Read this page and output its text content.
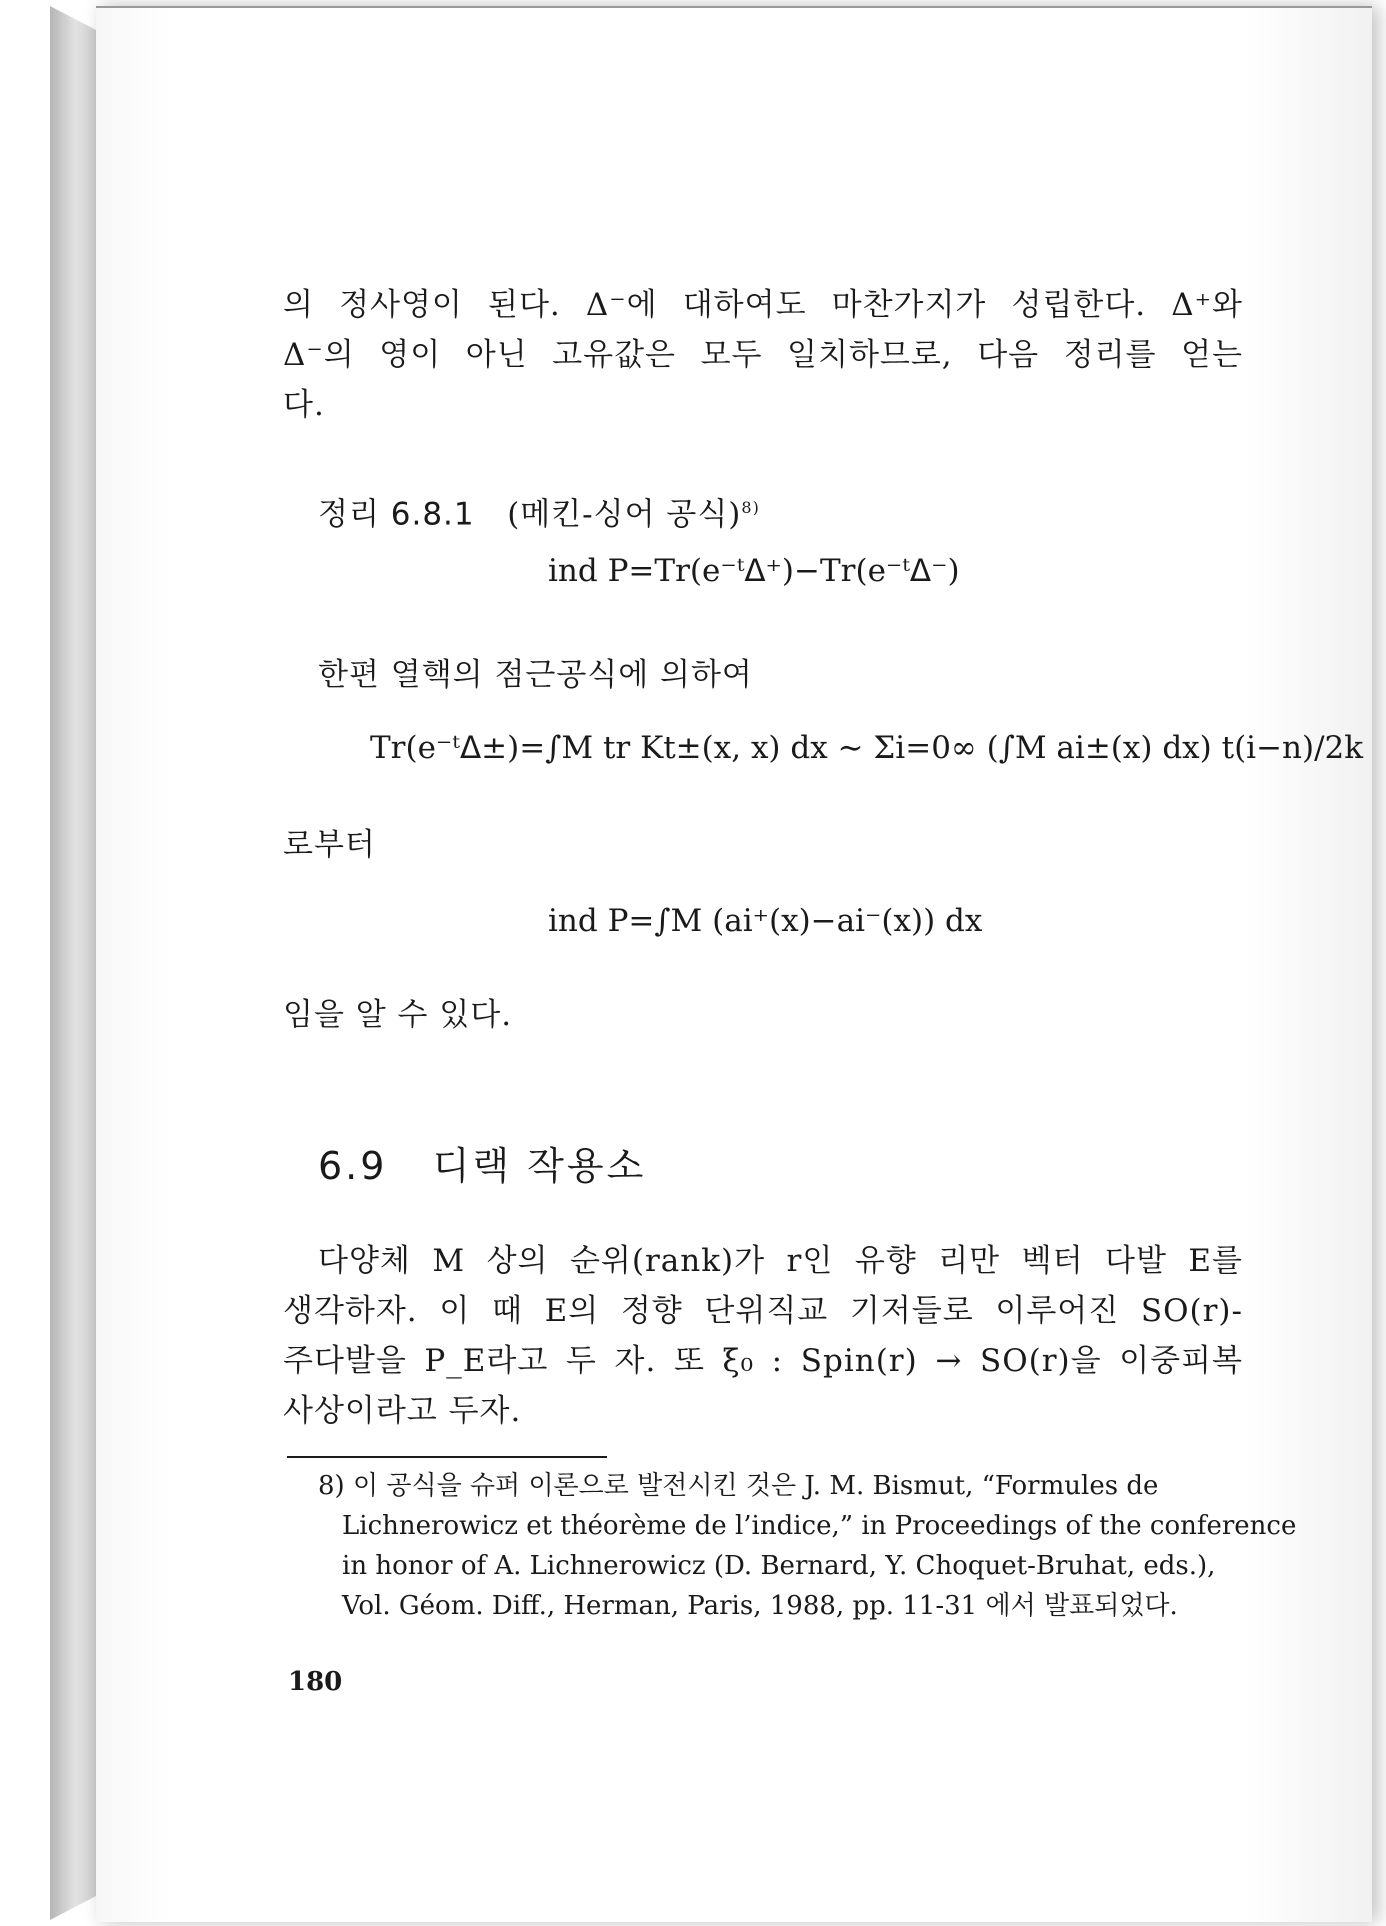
의 정사영이 된다. Δ⁻에 대하여도 마찬가지가 성립한다. Δ⁺와
Δ⁻의 영이 아닌 고유값은 모두 일치하므로, 다음 정리를 얻는
다.
정리 6.8.1 (메킨-싱어 공식)$^{8)}$
ind P=Tr(e⁻ᵗᐃ⁺)−Tr(e⁻ᵗᐃ⁻)
한편 열핵의 점근공식에 의하여
Tr(e⁻ᵗᐃ±)=∫M tr Kt±(x, x) dx ∼ Σi=0∞ (∫M ai±(x) dx) t(i−n)/2k
로부터
ind P=∫M (ai⁺(x)−ai⁻(x)) dx
임을 알 수 있다.
6.9 디랙 작용소
다양체 M 상의 순위(rank)가 r인 유향 리만 벡터 다발 E를
생각하자. 이 때 E의 정향 단위직교 기저들로 이루어진 SO(r)-
주다발을 P_E라고 두 자. 또 ξ₀ : Spin(r) → SO(r)을 이중피복
사상이라고 두자.
8) 이 공식을 슈퍼 이론으로 발전시킨 것은 J. M. Bismut, “Formules de
Lichnerowicz et théorème de l’indice,” in Proceedings of the conference
in honor of A. Lichnerowicz (D. Bernard, Y. Choquet-Bruhat, eds.),
Vol. Géom. Diff., Herman, Paris, 1988, pp. 11-31 에서 발표되었다.
180
